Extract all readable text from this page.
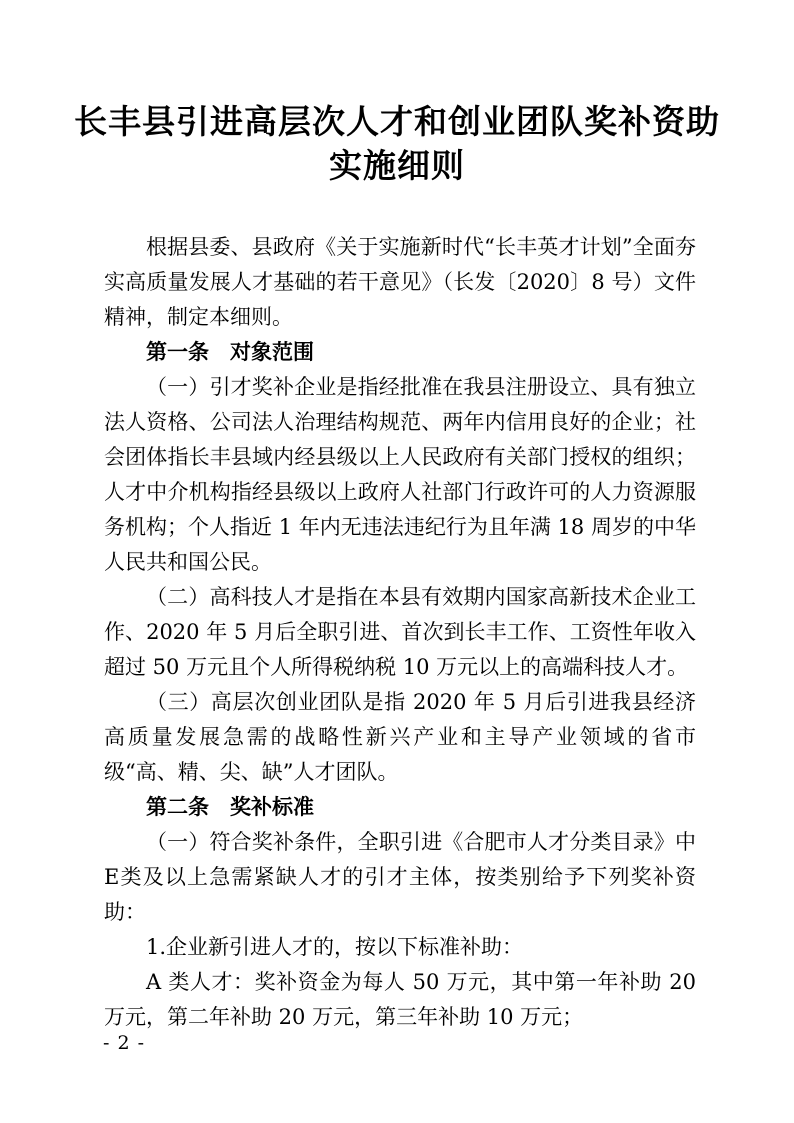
长丰县引进高层次人才和创业团队奖补资助
实施细则

根据县委、县政府《关于实施新时代“长丰英才计划”全面夯实高质量发展人才基础的若干意见》（长发〔2020〕8 号）文件精神，制定本细则。

第一条　对象范围

（一）引才奖补企业是指经批准在我县注册设立、具有独立法人资格、公司法人治理结构规范、两年内信用良好的企业；社会团体指长丰县域内经县级以上人民政府有关部门授权的组织；人才中介机构指经县级以上政府人社部门行政许可的人力资源服务机构；个人指近 1 年内无违法违纪行为且年满 18 周岁的中华人民共和国公民。

（二）高科技人才是指在本县有效期内国家高新技术企业工作、2020 年 5 月后全职引进、首次到长丰工作、工资性年收入超过 50 万元且个人所得税纳税 10 万元以上的高端科技人才。

（三）高层次创业团队是指 2020 年 5 月后引进我县经济高质量发展急需的战略性新兴产业和主导产业领域的省市级“高、精、尖、缺”人才团队。

第二条　奖补标准

（一）符合奖补条件，全职引进《合肥市人才分类目录》中E类及以上急需紧缺人才的引才主体，按类别给予下列奖补资助：

1.企业新引进人才的，按以下标准补助：

A 类人才：奖补资金为每人 50 万元，其中第一年补助 20 万元，第二年补助 20 万元，第三年补助 10 万元；

- 2 -
